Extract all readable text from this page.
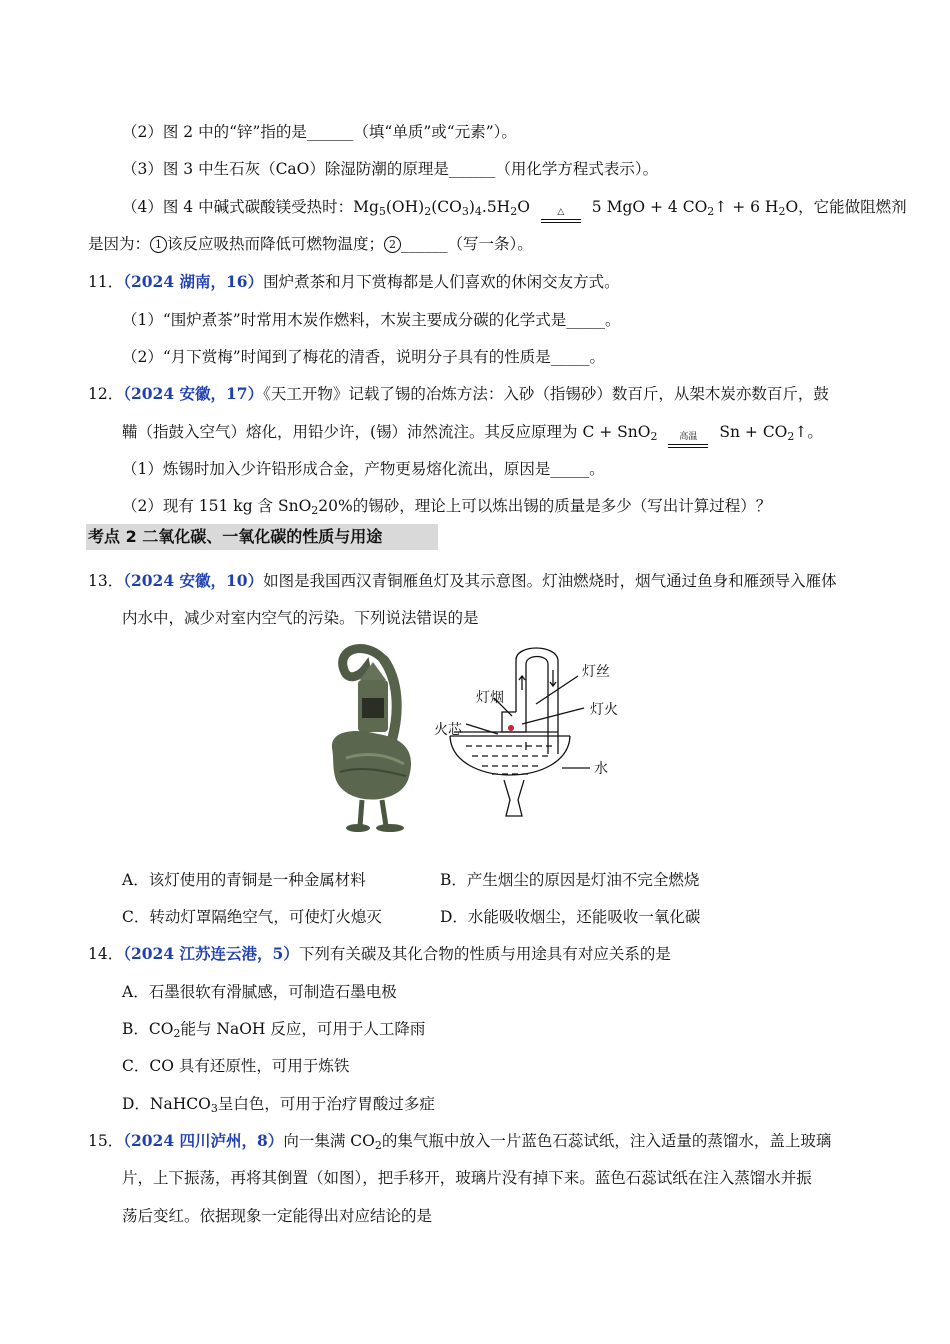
（2）图 2 中的“锌”指的是______（填“单质”或“元素”）。
（3）图 3 中生石灰（CaO）除湿防潮的原理是______（用化学方程式表示）。
（4）图 4 中碱式碳酸镁受热时：$Mg_5(OH)_2(CO_3)_4.5H_2O$	△	5 MgO + 4 $CO_2↑ + 6$ $H_2O$，它能做阻燃剂
是因为： 1 该反应吸热而降低可燃物温度； 2 ______（写一条）。
11．（2024 湖南，16）围炉煮茶和月下赏梅都是人们喜欢的休闲交友方式。
（1）“围炉煮茶”时常用木炭作燃料，木炭主要成分碳的化学式是_____。
（2）“月下赏梅”时闻到了梅花的清香，说明分子具有的性质是_____。
12．（2024 安徽，17）《天工开物》记载了锡的冶炼方法：入砂（指锡砂）数百斤，从架木炭亦数百斤，鼓
鞴（指鼓入空气）熔化，用铅少许，(锡）沛然流注。其反应原理为 C + SnO$_2$	高温	$Sn + CO_2↑$。
（1）炼锡时加入少许铅形成合金，产物更易熔化流出，原因是_____。
（2）现有 151 kg 含 SnO$_2$20%的锡砂，理论上可以炼出锡的质量是多少（写出计算过程）？
考点 2 二氧化碳、一氧化碳的性质与用途
13．（2024 安徽，10）如图是我国西汉青铜雁鱼灯及其示意图。灯油燃烧时，烟气通过鱼身和雁颈导入雁体
内水中，减少对室内空气的污染。下列说法错误的是
灯丝
灯烟
灯火
火芯
水
A．该灯使用的青铜是一种金属材料	B．产生烟尘的原因是灯油不完全燃烧
C．转动灯罩隔绝空气，可使灯火熄灭	D．水能吸收烟尘，还能吸收一氧化碳
14．（2024 江苏连云港，5）下列有关碳及其化合物的性质与用途具有对应关系的是
A．石墨很软有滑腻感，可制造石墨电极
B．$CO_2$能与 NaOH 反应，可用于人工降雨
C．CO 具有还原性，可用于炼铁
D．NaHCO$_3$呈白色，可用于治疗胃酸过多症
15．（2024 四川泸州，8）向一集满 $CO_2$的集气瓶中放入一片蓝色石蕊试纸，注入适量的蒸馏水，盖上玻璃
片，上下振荡，再将其倒置（如图），把手移开，玻璃片没有掉下来。蓝色石蕊试纸在注入蒸馏水并振
荡后变红。依据现象一定能得出对应结论的是
